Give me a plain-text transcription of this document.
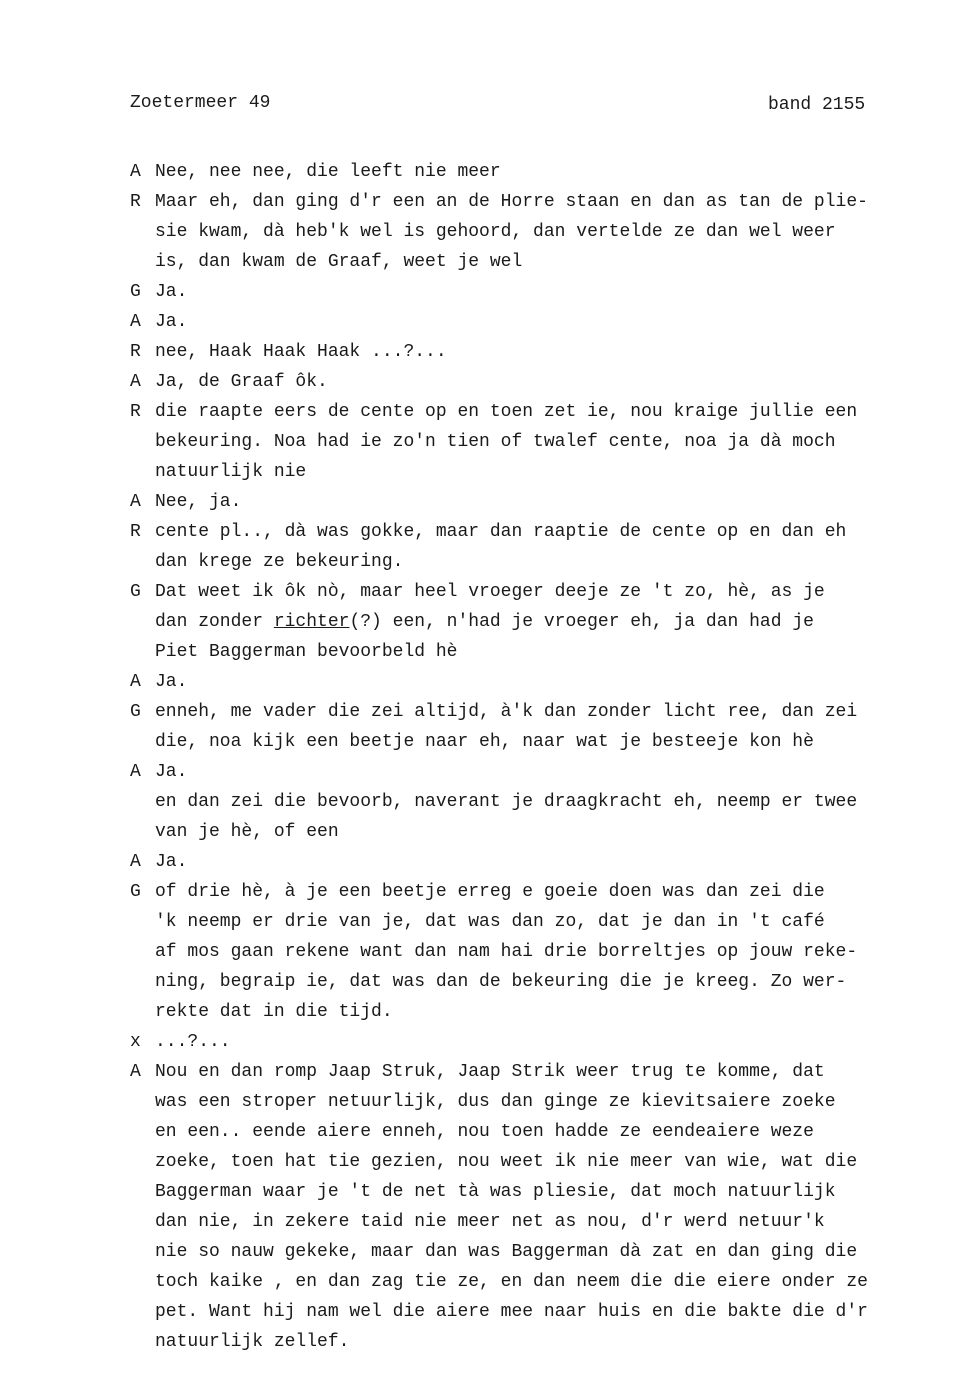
Zoetermeer 49	band 2155
A Nee, nee nee, die leeft nie meer
R Maar eh, dan ging d'r een an de Horre staan en dan as tan de plie-
sie kwam, dà heb'k wel is gehoord, dan vertelde ze dan wel weer
is, dan kwam de Graaf, weet je wel
G Ja.
A Ja.
R nee, Haak Haak Haak ...?...
A Ja, de Graaf ôk.
R die raapte eers de cente op en toen zet ie, nou kraige jullie een
bekeuring. Noa had ie zo'n tien of twalef cente, noa ja dà moch
natuurlijk nie
A Nee, ja.
R cente pl.., dà was gokke, maar dan raaptie de cente op en dan eh
dan krege ze bekeuring.
G Dat weet ik ôk nò, maar heel vroeger deeje ze 't zo, hè, as je
dan zonder richter(?) een, n'had je vroeger eh, ja dan had je
Piet Baggerman bevoorbeld hè
A Ja.
G enneh, me vader die zei altijd, à'k dan zonder licht ree, dan zei
die, noa kijk een beetje naar eh, naar wat je besteeje kon hè
A Ja.
en dan zei die bevoorb, naverant je draagkracht eh, neemp er twee
van je hè, of een
A Ja.
G of drie hè, à je een beetje erreg e goeie doen was dan zei die
'k neemp er drie van je, dat was dan zo, dat je dan in 't café
af mos gaan rekene want dan nam hai drie borreltjes op jouw reke-
ning, begraip ie, dat was dan de bekeuring die je kreeg. Zo wer-
rekte dat in die tijd.
x ...?...
A Nou en dan romp Jaap Struk, Jaap Strik weer trug te komme, dat
was een stroper netuurlijk, dus dan ginge ze kievitsaiere zoeke
en een.. eende aiere enneh, nou toen hadde ze eendeaiere weze
zoeke, toen hat tie gezien, nou weet ik nie meer van wie, wat die
Baggerman waar je 't de net tà was pliesie, dat moch natuurlijk
dan nie, in zekere taid nie meer net as nou, d'r werd netuur'k
nie so nauw gekeke, maar dan was Baggerman dà zat en dan ging die
toch kaike , en dan zag tie ze, en dan neem die die eiere onder ze
pet. Want hij nam wel die aiere mee naar huis en die bakte die d'r
natuurlijk zellef.
